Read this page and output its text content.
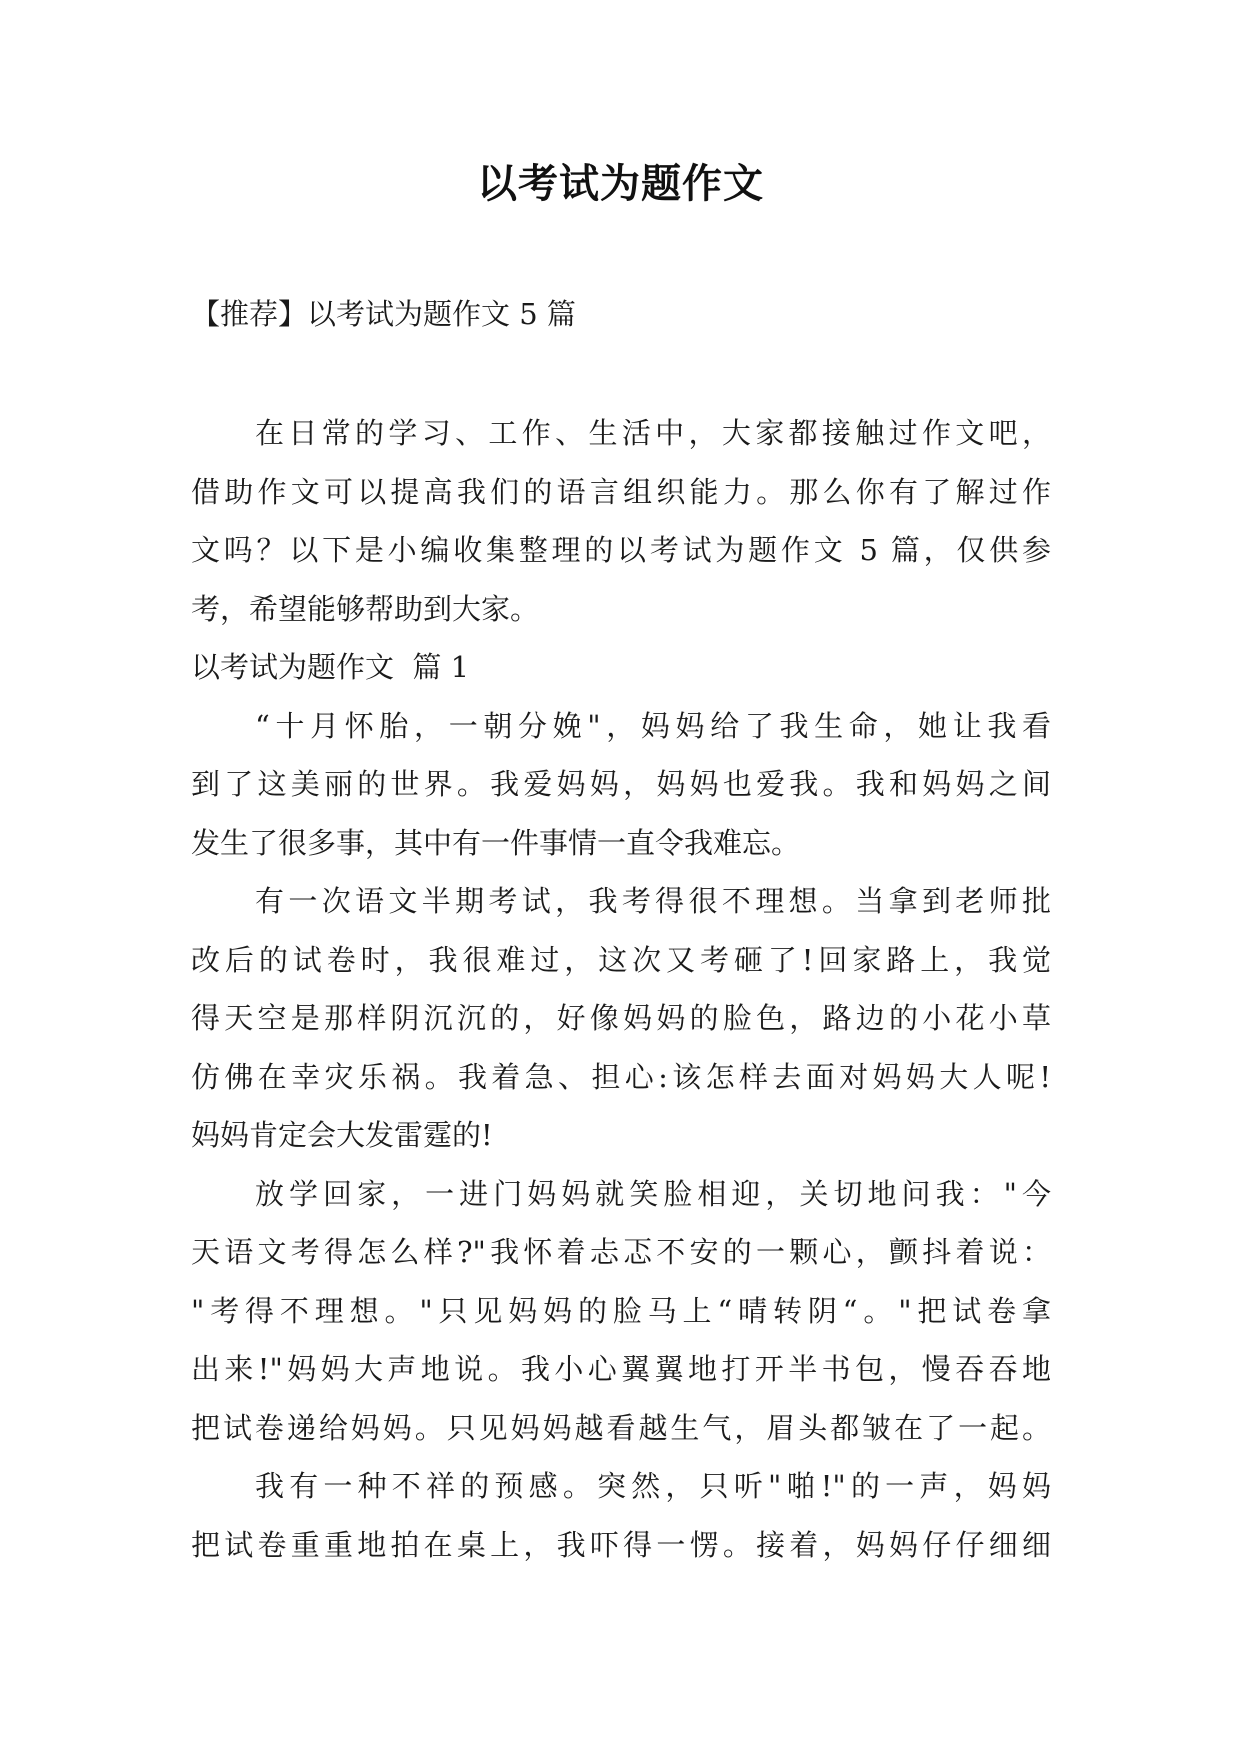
以考试为题作文
【推荐】以考试为题作文 5 篇
在日常的学习、工作、生活中，大家都接触过作文吧，
借助作文可以提高我们的语言组织能力。那么你有了解过作
文吗？以下是小编收集整理的以考试为题作文 5 篇，仅供参
考，希望能够帮助到大家。
以考试为题作文  篇 1
“十月怀胎，一朝分娩"，妈妈给了我生命，她让我看
到了这美丽的世界。我爱妈妈，妈妈也爱我。我和妈妈之间
发生了很多事，其中有一件事情一直令我难忘。
有一次语文半期考试，我考得很不理想。当拿到老师批
改后的试卷时，我很难过，这次又考砸了!回家路上，我觉
得天空是那样阴沉沉的，好像妈妈的脸色，路边的小花小草
仿佛在幸灾乐祸。我着急、担心:该怎样去面对妈妈大人呢!
妈妈肯定会大发雷霆的!
放学回家，一进门妈妈就笑脸相迎，关切地问我："今
天语文考得怎么样?"我怀着忐忑不安的一颗心，颤抖着说：
"考得不理想。"只见妈妈的脸马上“晴转阴“。"把试卷拿
出来!"妈妈大声地说。我小心翼翼地打开半书包，慢吞吞地
把试卷递给妈妈。只见妈妈越看越生气，眉头都皱在了一起。
我有一种不祥的预感。突然，只听"啪!"的一声，妈妈
把试卷重重地拍在桌上，我吓得一愣。接着，妈妈仔仔细细
